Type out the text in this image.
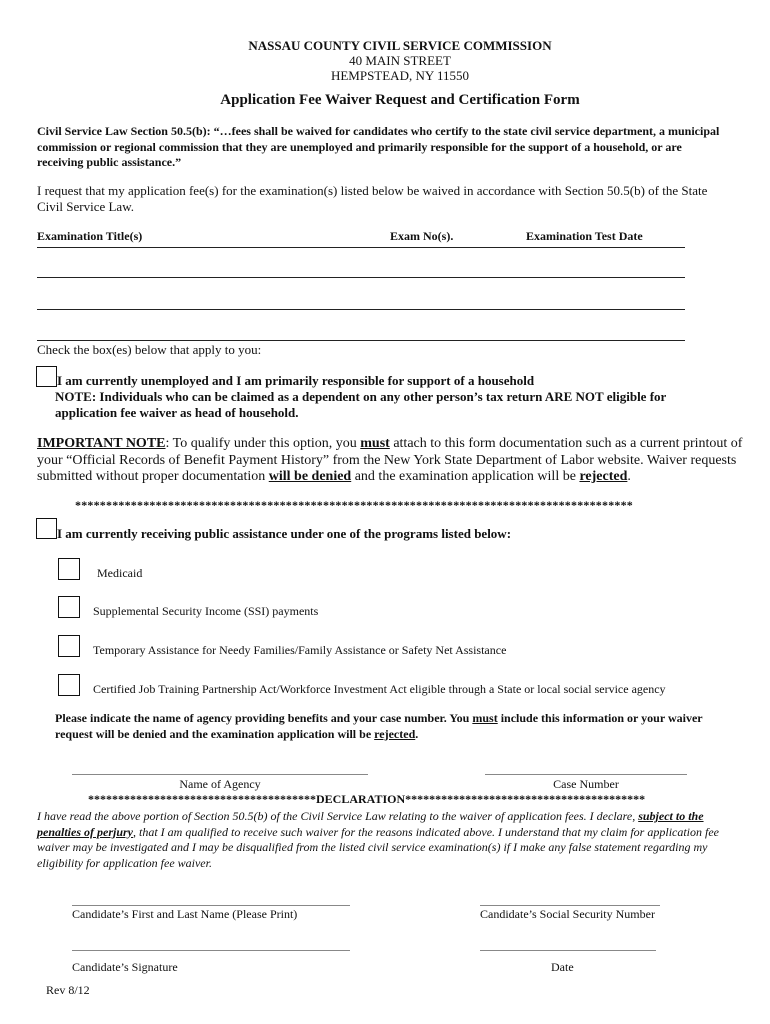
NASSAU COUNTY CIVIL SERVICE COMMISSION
40 MAIN STREET
HEMPSTEAD, NY 11550
Application Fee Waiver Request and Certification Form
Civil Service Law Section 50.5(b): “…fees shall be waived for candidates who certify to the state civil service department, a municipal commission or regional commission that they are unemployed and primarily responsible for the support of a household, or are receiving public assistance.”
I request that my application fee(s) for the examination(s) listed below be waived in accordance with Section 50.5(b) of the State Civil Service Law.
Examination Title(s)	Exam No(s).	Examination Test Date
Check the box(es) below that apply to you:
I am currently unemployed and I am primarily responsible for support of a household
NOTE: Individuals who can be claimed as a dependent on any other person’s tax return ARE NOT eligible for application fee waiver as head of household.
IMPORTANT NOTE: To qualify under this option, you must attach to this form documentation such as a current printout of your “Official Records of Benefit Payment History” from the New York State Department of Labor website. Waiver requests submitted without proper documentation will be denied and the examination application will be rejected.
******************************************************************************************
I am currently receiving public assistance under one of the programs listed below:
Medicaid
Supplemental Security Income (SSI) payments
Temporary Assistance for Needy Families/Family Assistance or Safety Net Assistance
Certified Job Training Partnership Act/Workforce Investment Act eligible through a State or local social service agency
Please indicate the name of agency providing benefits and your case number. You must include this information or your waiver request will be denied and the examination application will be rejected.
Name of Agency	Case Number
**************************************DECLARATION****************************************
I have read the above portion of Section 50.5(b) of the Civil Service Law relating to the waiver of application fees. I declare, subject to the penalties of perjury, that I am qualified to receive such waiver for the reasons indicated above. I understand that my claim for application fee waiver may be investigated and I may be disqualified from the listed civil service examination(s) if I make any false statement regarding my eligibility for application fee waiver.
Candidate’s First and Last Name (Please Print)	Candidate’s Social Security Number
Candidate’s Signature	Date
Rev 8/12
